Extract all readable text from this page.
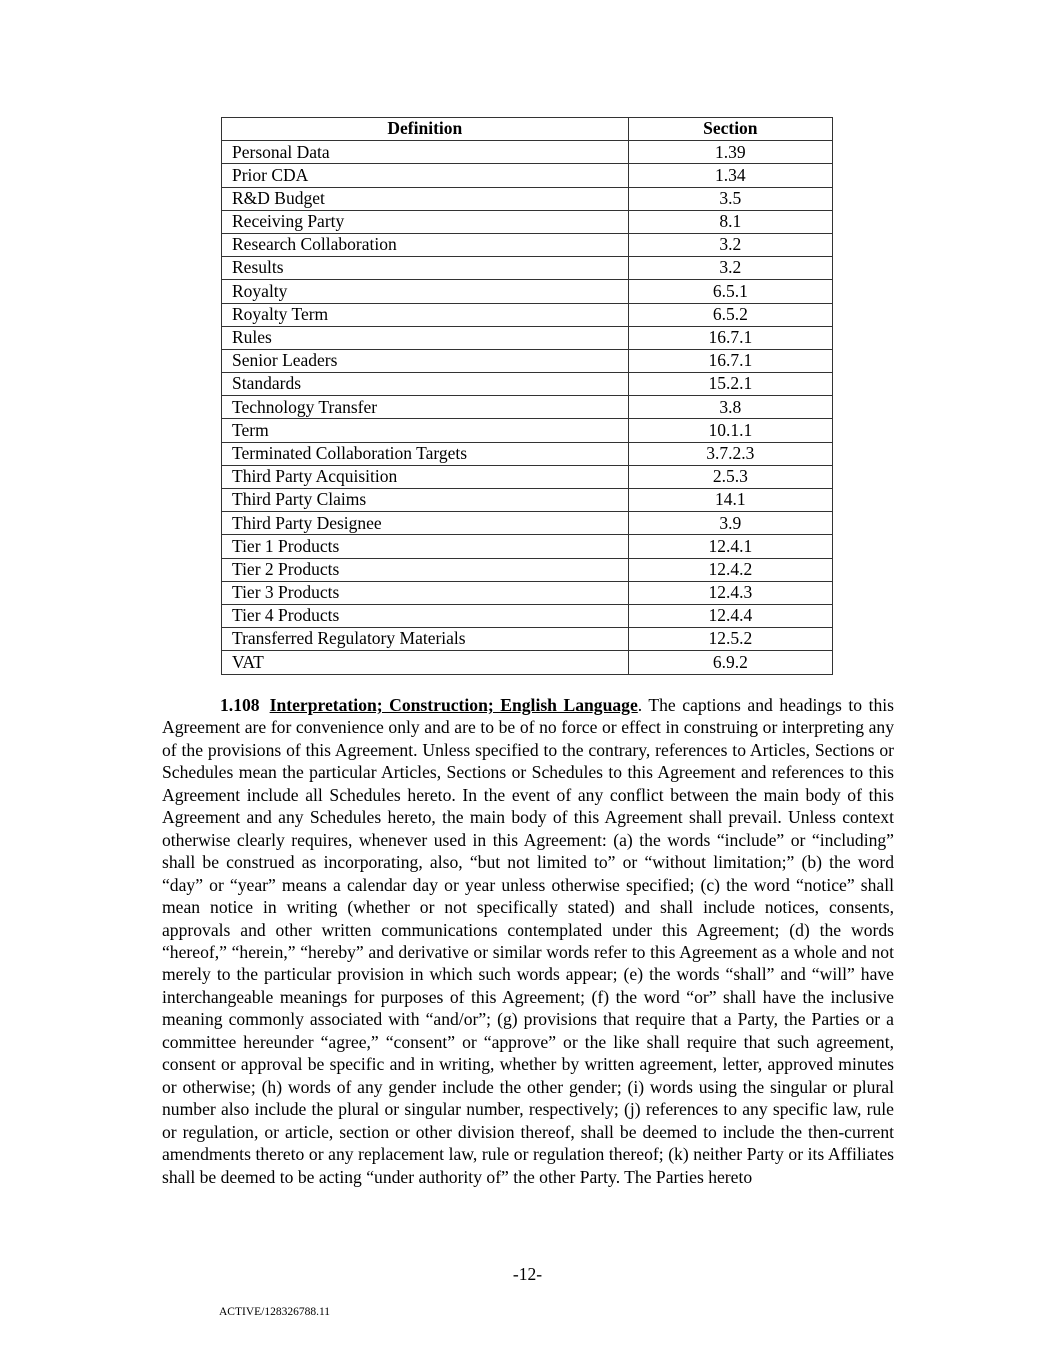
Definition	Section
Personal Data	1.39
Prior CDA	1.34
R&D Budget	3.5
Receiving Party	8.1
Research Collaboration	3.2
Results	3.2
Royalty	6.5.1
Royalty Term	6.5.2
Rules	16.7.1
Senior Leaders	16.7.1
Standards	15.2.1
Technology Transfer	3.8
Term	10.1.1
Terminated Collaboration Targets	3.7.2.3
Third Party Acquisition	2.5.3
Third Party Claims	14.1
Third Party Designee	3.9
Tier 1 Products	12.4.1
Tier 2 Products	12.4.2
Tier 3 Products	12.4.3
Tier 4 Products	12.4.4
Transferred Regulatory Materials	12.5.2
VAT	6.9.2

1.108 Interpretation; Construction; English Language. The captions and headings to this Agreement are for convenience only and are to be of no force or effect in construing or interpreting any of the provisions of this Agreement. Unless specified to the contrary, references to Articles, Sections or Schedules mean the particular Articles, Sections or Schedules to this Agreement and references to this Agreement include all Schedules hereto. In the event of any conflict between the main body of this Agreement and any Schedules hereto, the main body of this Agreement shall prevail. Unless context otherwise clearly requires, whenever used in this Agreement: (a) the words “include” or “including” shall be construed as incorporating, also, “but not limited to” or “without limitation;” (b) the word “day” or “year” means a calendar day or year unless otherwise specified; (c) the word “notice” shall mean notice in writing (whether or not specifically stated) and shall include notices, consents, approvals and other written communications contemplated under this Agreement; (d) the words “hereof,” “herein,” “hereby” and derivative or similar words refer to this Agreement as a whole and not merely to the particular provision in which such words appear; (e) the words “shall” and “will” have interchangeable meanings for purposes of this Agreement; (f) the word “or” shall have the inclusive meaning commonly associated with “and/or”; (g) provisions that require that a Party, the Parties or a committee hereunder “agree,” “consent” or “approve” or the like shall require that such agreement, consent or approval be specific and in writing, whether by written agreement, letter, approved minutes or otherwise; (h) words of any gender include the other gender; (i) words using the singular or plural number also include the plural or singular number, respectively; (j) references to any specific law, rule or regulation, or article, section or other division thereof, shall be deemed to include the then-current amendments thereto or any replacement law, rule or regulation thereof; (k) neither Party or its Affiliates shall be deemed to be acting “under authority of” the other Party. The Parties hereto

-12-
ACTIVE/128326788.11
